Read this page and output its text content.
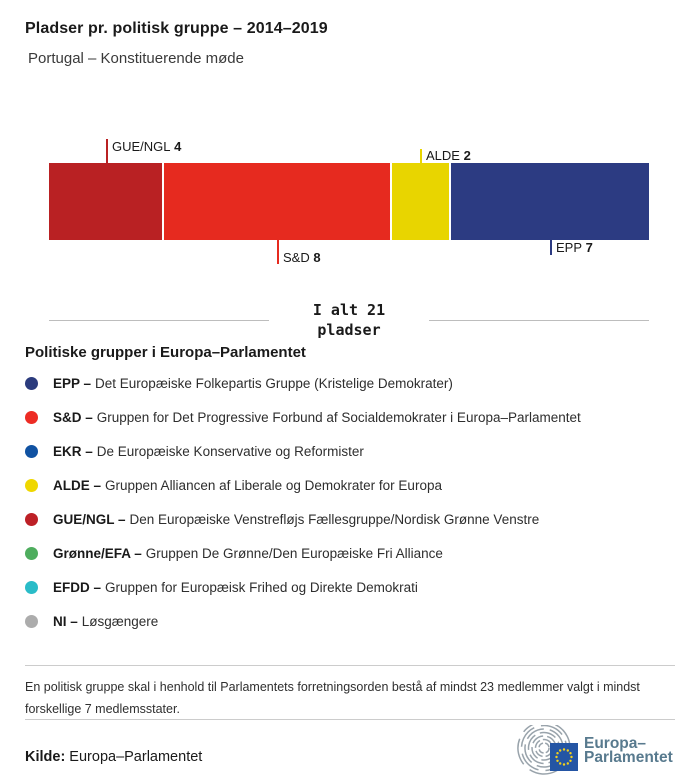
Pladser pr. politisk gruppe – 2014–2019
Portugal – Konstituerende møde
GUE/NGL 4
ALDE 2
S&D 8
EPP 7
I alt 21
pladser
Politiske grupper i Europa–Parlamentet
EPP – Det Europæiske Folkepartis Gruppe (Kristelige Demokrater)
S&D – Gruppen for Det Progressive Forbund af Socialdemokrater i Europa–Parlamentet
EKR – De Europæiske Konservative og Reformister
ALDE – Gruppen Alliancen af Liberale og Demokrater for Europa
GUE/NGL – Den Europæiske Venstrefløjs Fællesgruppe/Nordisk Grønne Venstre
Grønne/EFA – Gruppen De Grønne/Den Europæiske Fri Alliance
EFDD – Gruppen for Europæisk Frihed og Direkte Demokrati
NI – Løsgængere
En politisk gruppe skal i henhold til Parlamentets forretningsorden bestå af mindst 23 medlemmer valgt i mindst
forskellige 7 medlemsstater.
Kilde: Europa–Parlamentet
Europa–
Parlamentet
